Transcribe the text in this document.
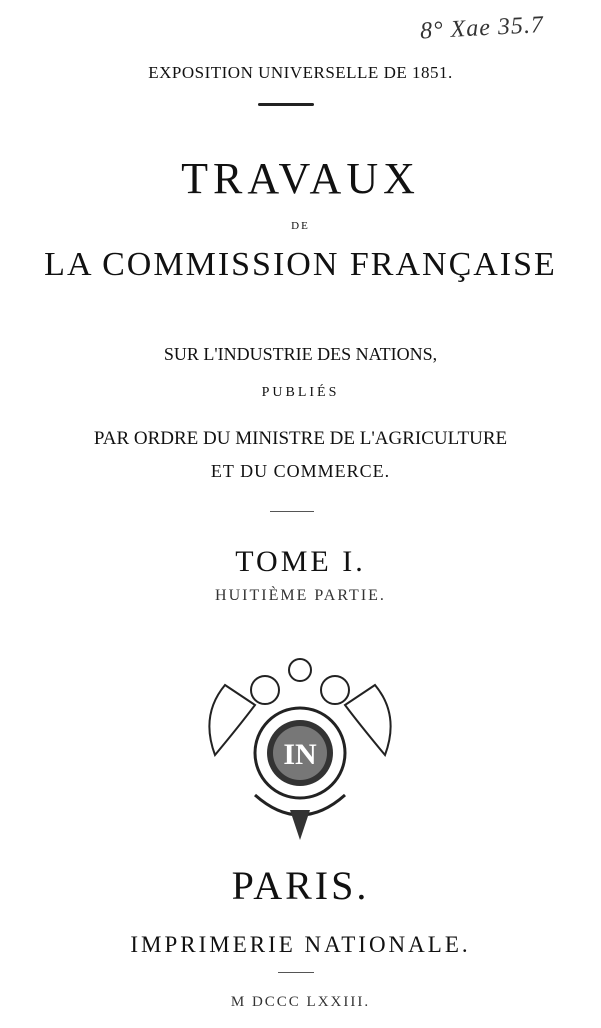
8° Xae 35.7
EXPOSITION UNIVERSELLE DE 1851.
TRAVAUX
DE
LA COMMISSION FRANÇAISE
SUR L'INDUSTRIE DES NATIONS,
PUBLIÉS
PAR ORDRE DU MINISTRE DE L'AGRICULTURE
ET DU COMMERCE.
TOME I.
HUITIÈME PARTIE.
IN
PARIS.
IMPRIMERIE NATIONALE.
M DCCC LXXIII.
